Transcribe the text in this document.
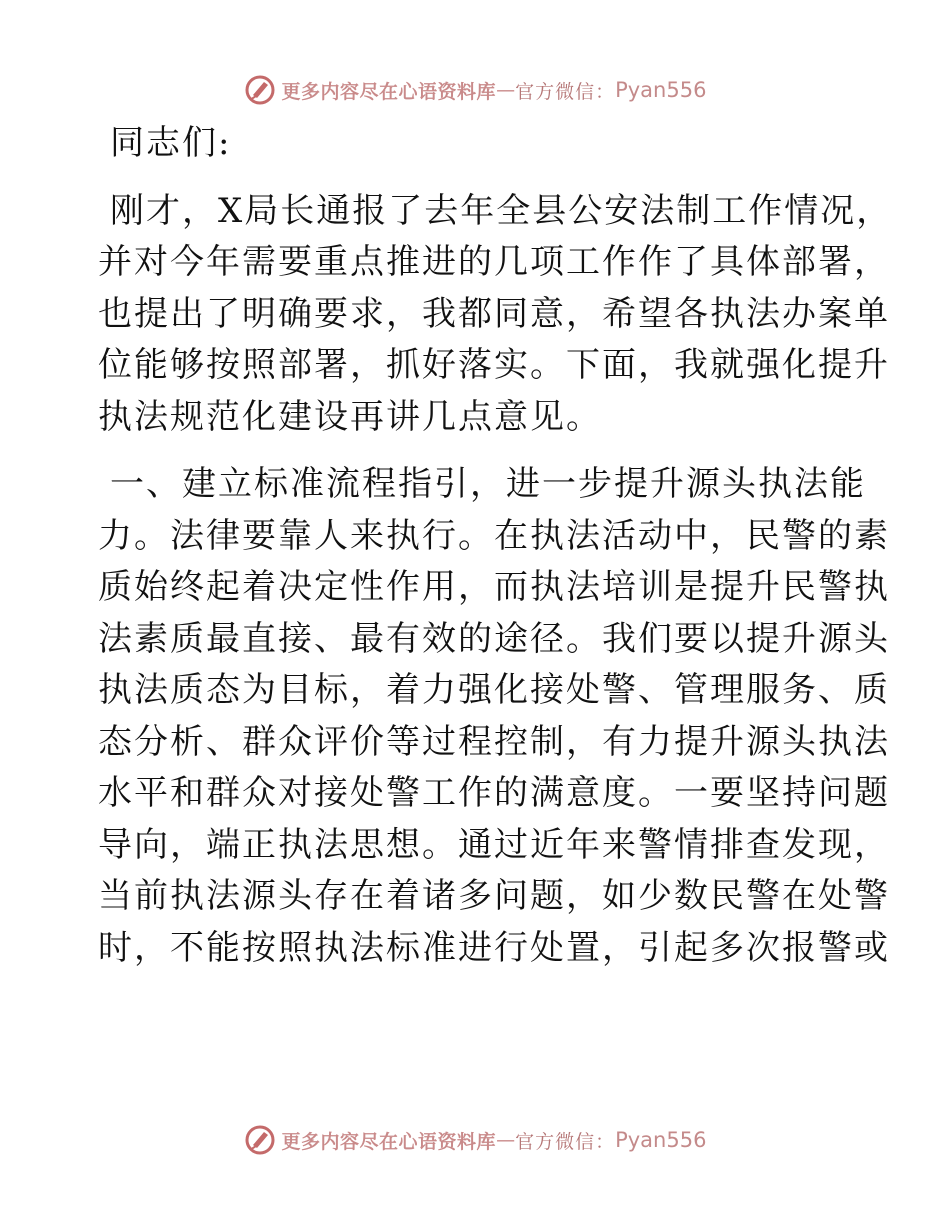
更多内容尽在心语资料库 — 官方微信： Pyan556

同志们:

刚才，X局长通报了去年全县公安法制工作情况，

并对今年需要重点推进的几项工作作了具体部署，

也提出了明确要求，我都同意，希望各执法办案单

位能够按照部署，抓好落实。下面，我就强化提升

执法规范化建设再讲几点意见。

一、建立标准流程指引，进一步提升源头执法能

力。法律要靠人来执行。在执法活动中，民警的素

质始终起着决定性作用，而执法培训是提升民警执

法素质最直接、最有效的途径。我们要以提升源头

执法质态为目标，着力强化接处警、管理服务、质

态分析、群众评价等过程控制，有力提升源头执法

水平和群众对接处警工作的满意度。一要坚持问题

导向，端正执法思想。通过近年来警情排查发现，

当前执法源头存在着诸多问题，如少数民警在处警

时，不能按照执法标准进行处置，引起多次报警或

更多内容尽在心语资料库 — 官方微信： Pyan556
